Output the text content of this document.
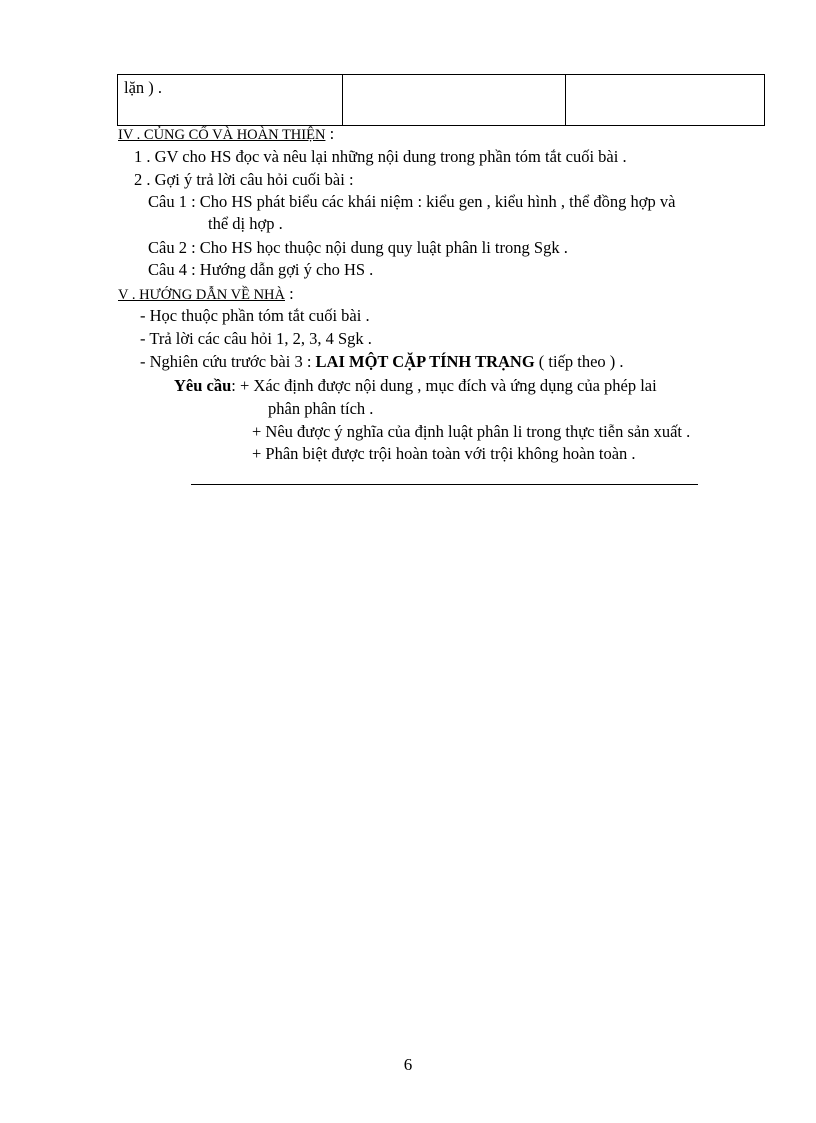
lặn ) .		
IV . CỦNG CỐ VÀ HOÀN THIỆN :
1 . GV cho HS đọc và nêu lại những nội dung trong phần tóm tắt cuối bài .
2 . Gợi ý trả lời câu hỏi cuối bài :
Câu 1 : Cho HS phát biểu các khái niệm : kiểu gen , kiểu hình , thể đồng hợp và
thể dị hợp .
Câu 2 : Cho HS học thuộc nội dung quy luật phân li trong Sgk .
Câu 4 : Hướng dẫn gợi ý cho HS .
V . HƯỚNG DẪN VỀ NHÀ :
- Học thuộc phần tóm tắt cuối bài .
- Trả lời các câu hỏi 1, 2, 3, 4 Sgk .
- Nghiên cứu trước bài 3 : LAI MỘT CẶP TÍNH TRẠNG ( tiếp theo ) .
Yêu cầu: + Xác định được nội dung , mục đích và ứng dụng của phép lai
phân phân tích .
+ Nêu được ý nghĩa của định luật phân li trong thực tiễn sản xuất .
+ Phân biệt được trội hoàn toàn với trội không hoàn toàn .
6
